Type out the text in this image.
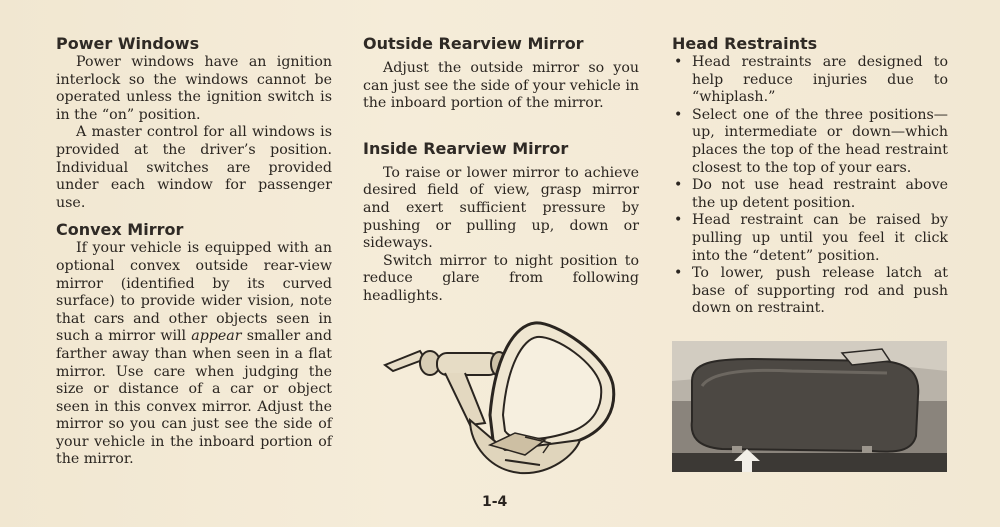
Power Windows

Power windows have an ignition interlock so the windows cannot be operated unless the ignition switch is in the “on” position.

A master control for all windows is provided at the driver’s position. Individual switches are provided under each window for passenger use.

Convex Mirror

If your vehicle is equipped with an optional convex outside rear-view mirror (identified by its curved surface) to provide wider vision, note that cars and other objects seen in such a mirror will appear smaller and farther away than when seen in a flat mirror. Use care when judging the size or distance of a car or object seen in this convex mirror. Adjust the mirror so you can just see the side of your vehicle in the inboard portion of the mirror.

Outside Rearview Mirror

Adjust the outside mirror so you can just see the side of your vehicle in the inboard portion of the mirror.

Inside Rearview Mirror

To raise or lower mirror to achieve desired field of view, grasp mirror and exert sufficient pressure by pushing or pulling up, down or sideways.

Switch mirror to night position to reduce glare from following headlights.

Head Restraints
• Head restraints are designed to help reduce injuries due to “whiplash.”
• Select one of the three positions—up, intermediate or down—which places the top of the head restraint closest to the top of your ears.
• Do not use head restraint above the up detent position.
• Head restraint can be raised by pulling up until you feel it click into the “detent” position.
• To lower, push release latch at base of supporting rod and push down on restraint.
1-4
